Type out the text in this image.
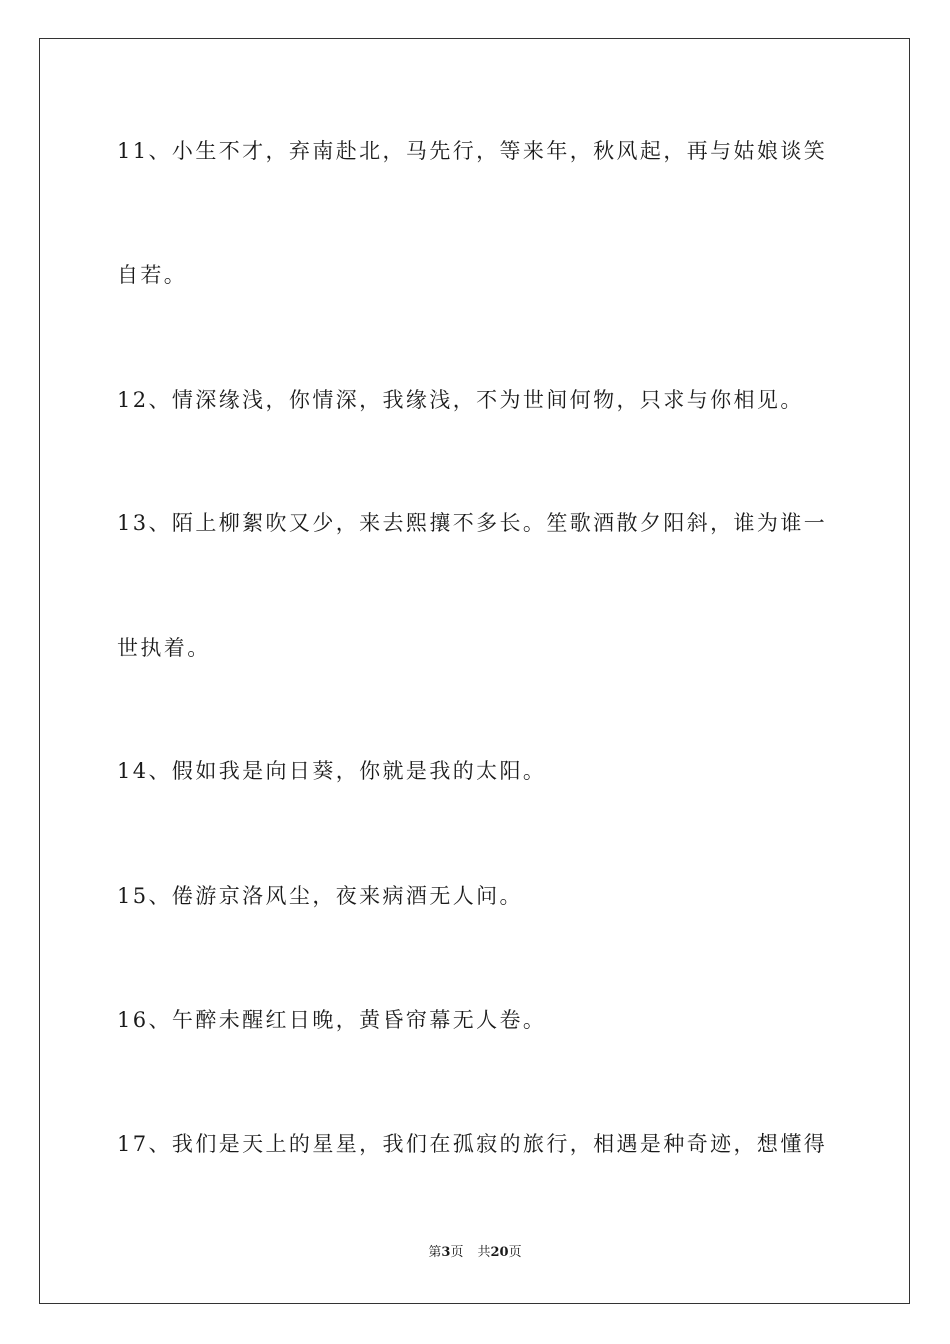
11、小生不才，弃南赴北，马先行，等来年，秋风起，再与姑娘谈笑
自若。
12、情深缘浅，你情深，我缘浅，不为世间何物，只求与你相见。
13、陌上柳絮吹又少，来去熙攘不多长。笙歌酒散夕阳斜，谁为谁一
世执着。
14、假如我是向日葵，你就是我的太阳。
15、倦游京洛风尘，夜来病酒无人问。
16、午醉未醒红日晚，黄昏帘幕无人卷。
17、我们是天上的星星，我们在孤寂的旅行，相遇是种奇迹，想懂得
第3页 共20页
